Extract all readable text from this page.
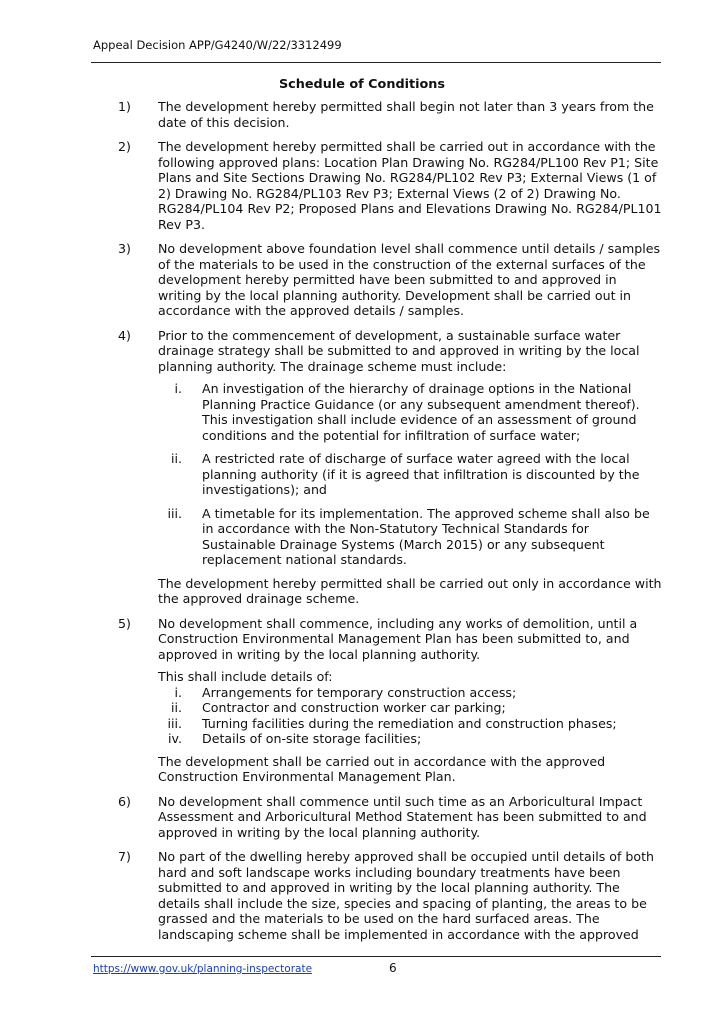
Appeal Decision APP/G4240/W/22/3312499
Schedule of Conditions
1) The development hereby permitted shall begin not later than 3 years from the date of this decision.

2) The development hereby permitted shall be carried out in accordance with the following approved plans: Location Plan Drawing No. RG284/PL100 Rev P1; Site Plans and Site Sections Drawing No. RG284/PL102 Rev P3; External Views (1 of 2) Drawing No. RG284/PL103 Rev P3; External Views (2 of 2) Drawing No. RG284/PL104 Rev P2; Proposed Plans and Elevations Drawing No. RG284/PL101 Rev P3.

3) No development above foundation level shall commence until details / samples of the materials to be used in the construction of the external surfaces of the development hereby permitted have been submitted to and approved in writing by the local planning authority. Development shall be carried out in accordance with the approved details / samples.

4) Prior to the commencement of development, a sustainable surface water drainage strategy shall be submitted to and approved in writing by the local planning authority. The drainage scheme must include:

i. An investigation of the hierarchy of drainage options in the National Planning Practice Guidance (or any subsequent amendment thereof). This investigation shall include evidence of an assessment of ground conditions and the potential for infiltration of surface water;
ii. A restricted rate of discharge of surface water agreed with the local planning authority (if it is agreed that infiltration is discounted by the investigations); and
iii. A timetable for its implementation. The approved scheme shall also be in accordance with the Non-Statutory Technical Standards for Sustainable Drainage Systems (March 2015) or any subsequent replacement national standards.

The development hereby permitted shall be carried out only in accordance with the approved drainage scheme.

5) No development shall commence, including any works of demolition, until a Construction Environmental Management Plan has been submitted to, and approved in writing by the local planning authority.

This shall include details of:

i. Arrangements for temporary construction access;
ii. Contractor and construction worker car parking;
iii. Turning facilities during the remediation and construction phases;
iv. Details of on-site storage facilities;

The development shall be carried out in accordance with the approved Construction Environmental Management Plan.

6) No development shall commence until such time as an Arboricultural Impact Assessment and Arboricultural Method Statement has been submitted to and approved in writing by the local planning authority.

7) No part of the dwelling hereby approved shall be occupied until details of both hard and soft landscape works including boundary treatments have been submitted to and approved in writing by the local planning authority. The details shall include the size, species and spacing of planting, the areas to be grassed and the materials to be used on the hard surfaced areas. The landscaping scheme shall be implemented in accordance with the approved

https://www.gov.uk/planning-inspectorate	6
